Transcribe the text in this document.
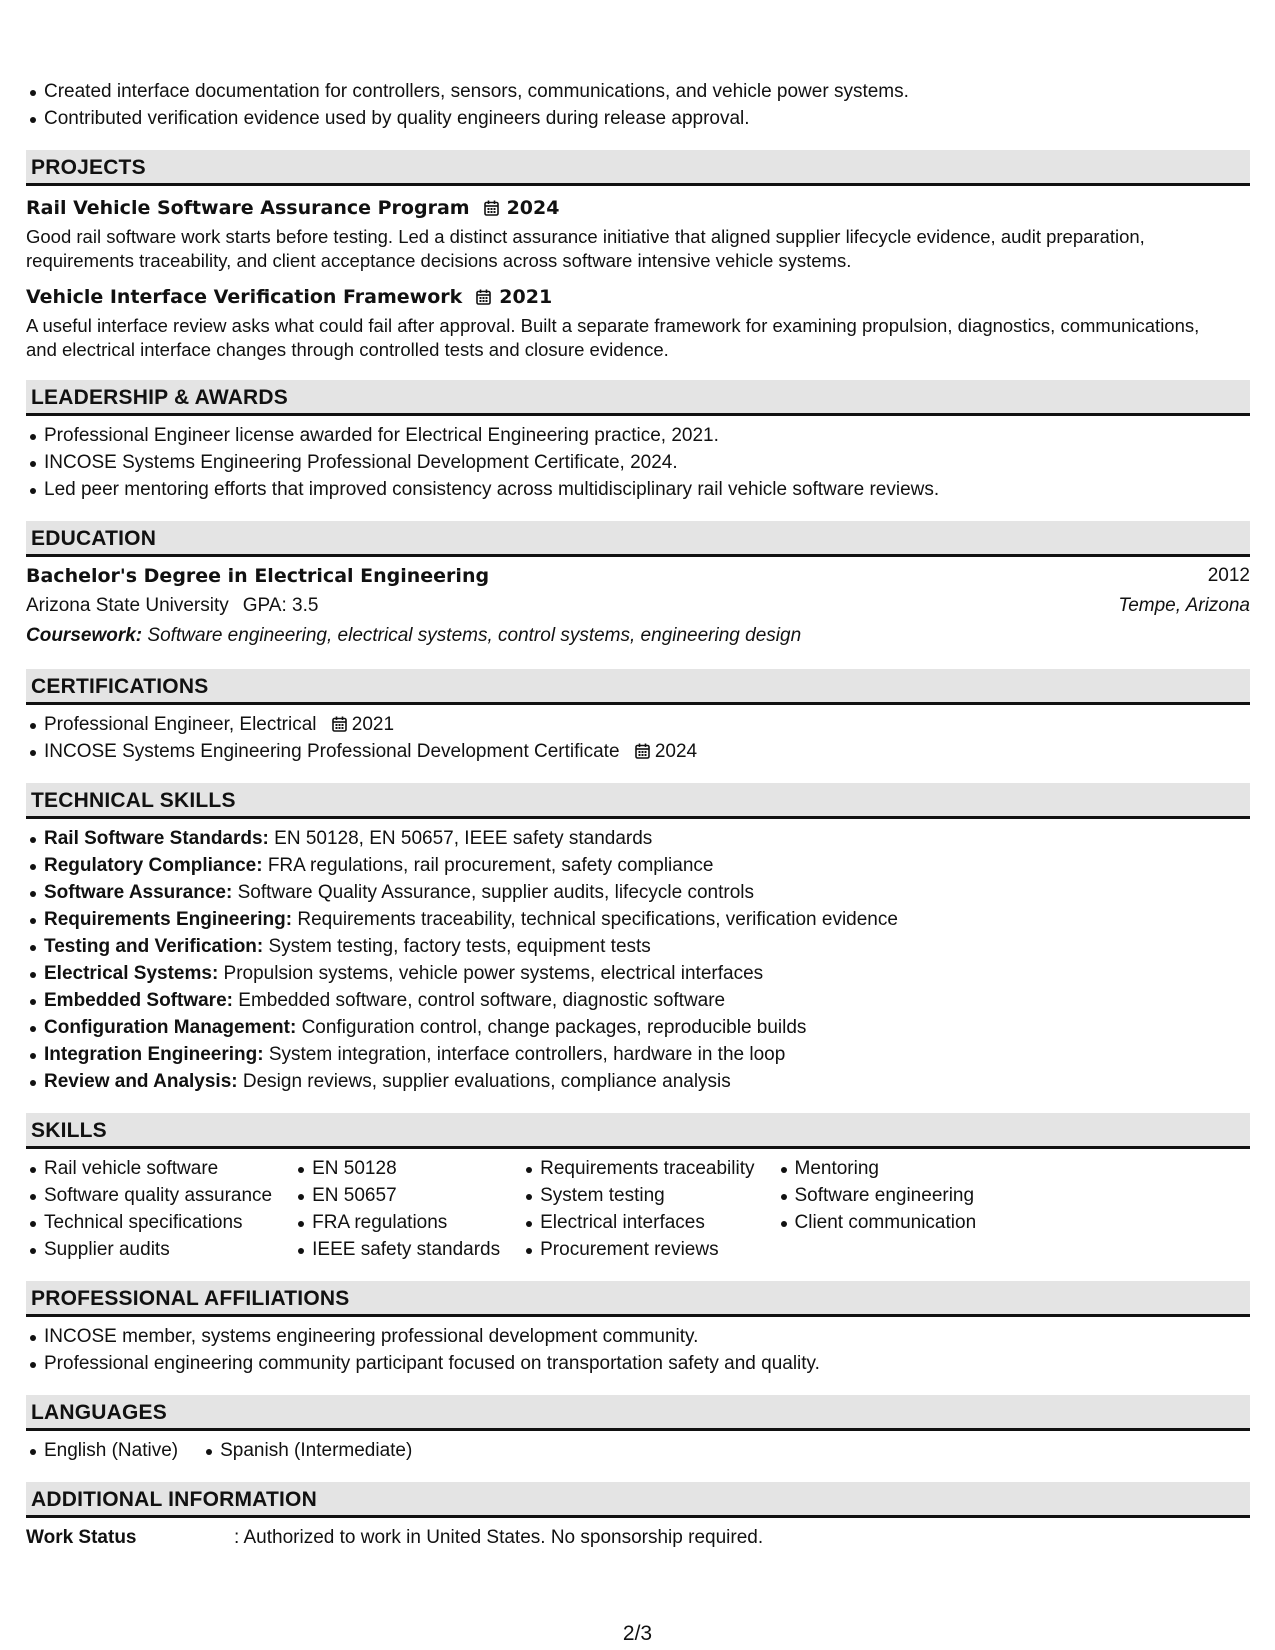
Created interface documentation for controllers, sensors, communications, and vehicle power systems.
Contributed verification evidence used by quality engineers during release approval.
PROJECTS
Rail Vehicle Software Assurance Program 2024
Good rail software work starts before testing. Led a distinct assurance initiative that aligned supplier lifecycle evidence, audit preparation,
requirements traceability, and client acceptance decisions across software intensive vehicle systems.
Vehicle Interface Verification Framework 2021
A useful interface review asks what could fail after approval. Built a separate framework for examining propulsion, diagnostics, communications,
and electrical interface changes through controlled tests and closure evidence.
LEADERSHIP & AWARDS
Professional Engineer license awarded for Electrical Engineering practice, 2021.
INCOSE Systems Engineering Professional Development Certificate, 2024.
Led peer mentoring efforts that improved consistency across multidisciplinary rail vehicle software reviews.
EDUCATION
Bachelor's Degree in Electrical Engineering	2012
Arizona State University GPA: 3.5	Tempe, Arizona
Coursework: Software engineering, electrical systems, control systems, engineering design
CERTIFICATIONS
Professional Engineer, Electrical 2021
INCOSE Systems Engineering Professional Development Certificate 2024
TECHNICAL SKILLS
Rail Software Standards: EN 50128, EN 50657, IEEE safety standards
Regulatory Compliance: FRA regulations, rail procurement, safety compliance
Software Assurance: Software Quality Assurance, supplier audits, lifecycle controls
Requirements Engineering: Requirements traceability, technical specifications, verification evidence
Testing and Verification: System testing, factory tests, equipment tests
Electrical Systems: Propulsion systems, vehicle power systems, electrical interfaces
Embedded Software: Embedded software, control software, diagnostic software
Configuration Management: Configuration control, change packages, reproducible builds
Integration Engineering: System integration, interface controllers, hardware in the loop
Review and Analysis: Design reviews, supplier evaluations, compliance analysis
SKILLS
Rail vehicle software
Software quality assurance
Technical specifications
Supplier audits
EN 50128
EN 50657
FRA regulations
IEEE safety standards
Requirements traceability
System testing
Electrical interfaces
Procurement reviews
Mentoring
Software engineering
Client communication
PROFESSIONAL AFFILIATIONS
INCOSE member, systems engineering professional development community.
Professional engineering community participant focused on transportation safety and quality.
LANGUAGES
English (Native) Spanish (Intermediate)
ADDITIONAL INFORMATION
Work Status	: Authorized to work in United States. No sponsorship required.
2/3
